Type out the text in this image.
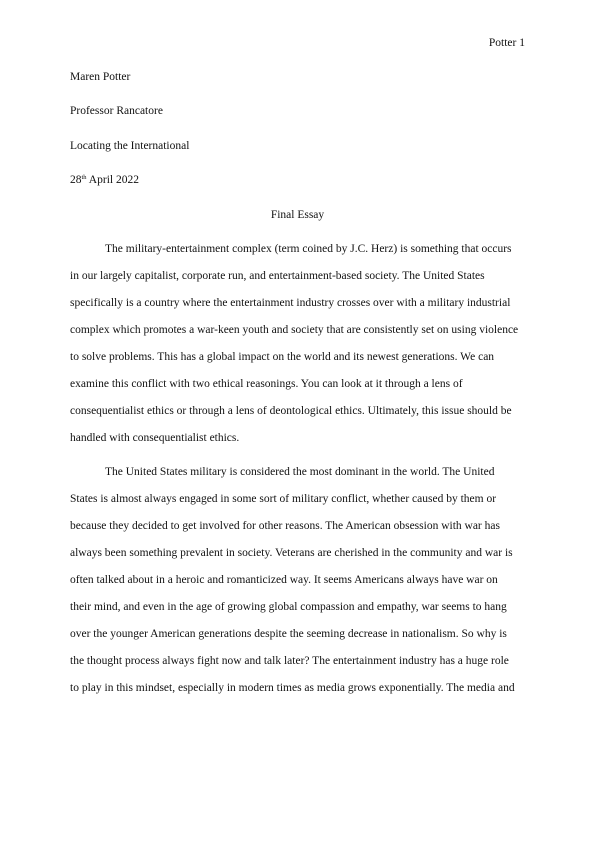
Potter 1
Maren Potter
Professor Rancatore
Locating the International
28th April 2022
Final Essay
The military-entertainment complex (term coined by J.C. Herz) is something that occurs
in our largely capitalist, corporate run, and entertainment-based society. The United States
specifically is a country where the entertainment industry crosses over with a military industrial
complex which promotes a war-keen youth and society that are consistently set on using violence
to solve problems. This has a global impact on the world and its newest generations. We can
examine this conflict with two ethical reasonings. You can look at it through a lens of
consequentialist ethics or through a lens of deontological ethics. Ultimately, this issue should be
handled with consequentialist ethics.
The United States military is considered the most dominant in the world. The United
States is almost always engaged in some sort of military conflict, whether caused by them or
because they decided to get involved for other reasons. The American obsession with war has
always been something prevalent in society. Veterans are cherished in the community and war is
often talked about in a heroic and romanticized way. It seems Americans always have war on
their mind, and even in the age of growing global compassion and empathy, war seems to hang
over the younger American generations despite the seeming decrease in nationalism. So why is
the thought process always fight now and talk later? The entertainment industry has a huge role
to play in this mindset, especially in modern times as media grows exponentially. The media and
